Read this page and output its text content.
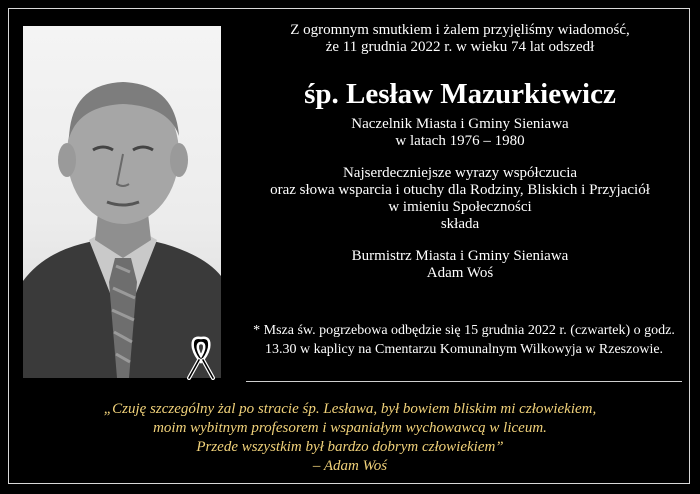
Z ogromnym smutkiem i żalem przyjęliśmy wiadomość,

że 11 grudnia 2022 r. w wieku 74 lat odszedł

śp. Lesław Mazurkiewicz

Naczelnik Miasta i Gminy Sieniawa

w latach 1976 – 1980

Najserdeczniejsze wyrazy współczucia

oraz słowa wsparcia i otuchy dla Rodziny, Bliskich i Przyjaciół

w imieniu Społeczności

składa

Burmistrz Miasta i Gminy Sieniawa

Adam Woś

* Msza św. pogrzebowa odbędzie się 15 grudnia 2022 r. (czwartek) o godz.
13.30 w kaplicy na Cmentarzu Komunalnym Wilkowyja w Rzeszowie.
„Czuję szczególny żal po stracie śp. Lesława, był bowiem bliskim mi człowiekiem,
moim wybitnym profesorem i wspaniałym wychowawcą w liceum.
Przede wszystkim był bardzo dobrym człowiekiem”
– Adam Woś
